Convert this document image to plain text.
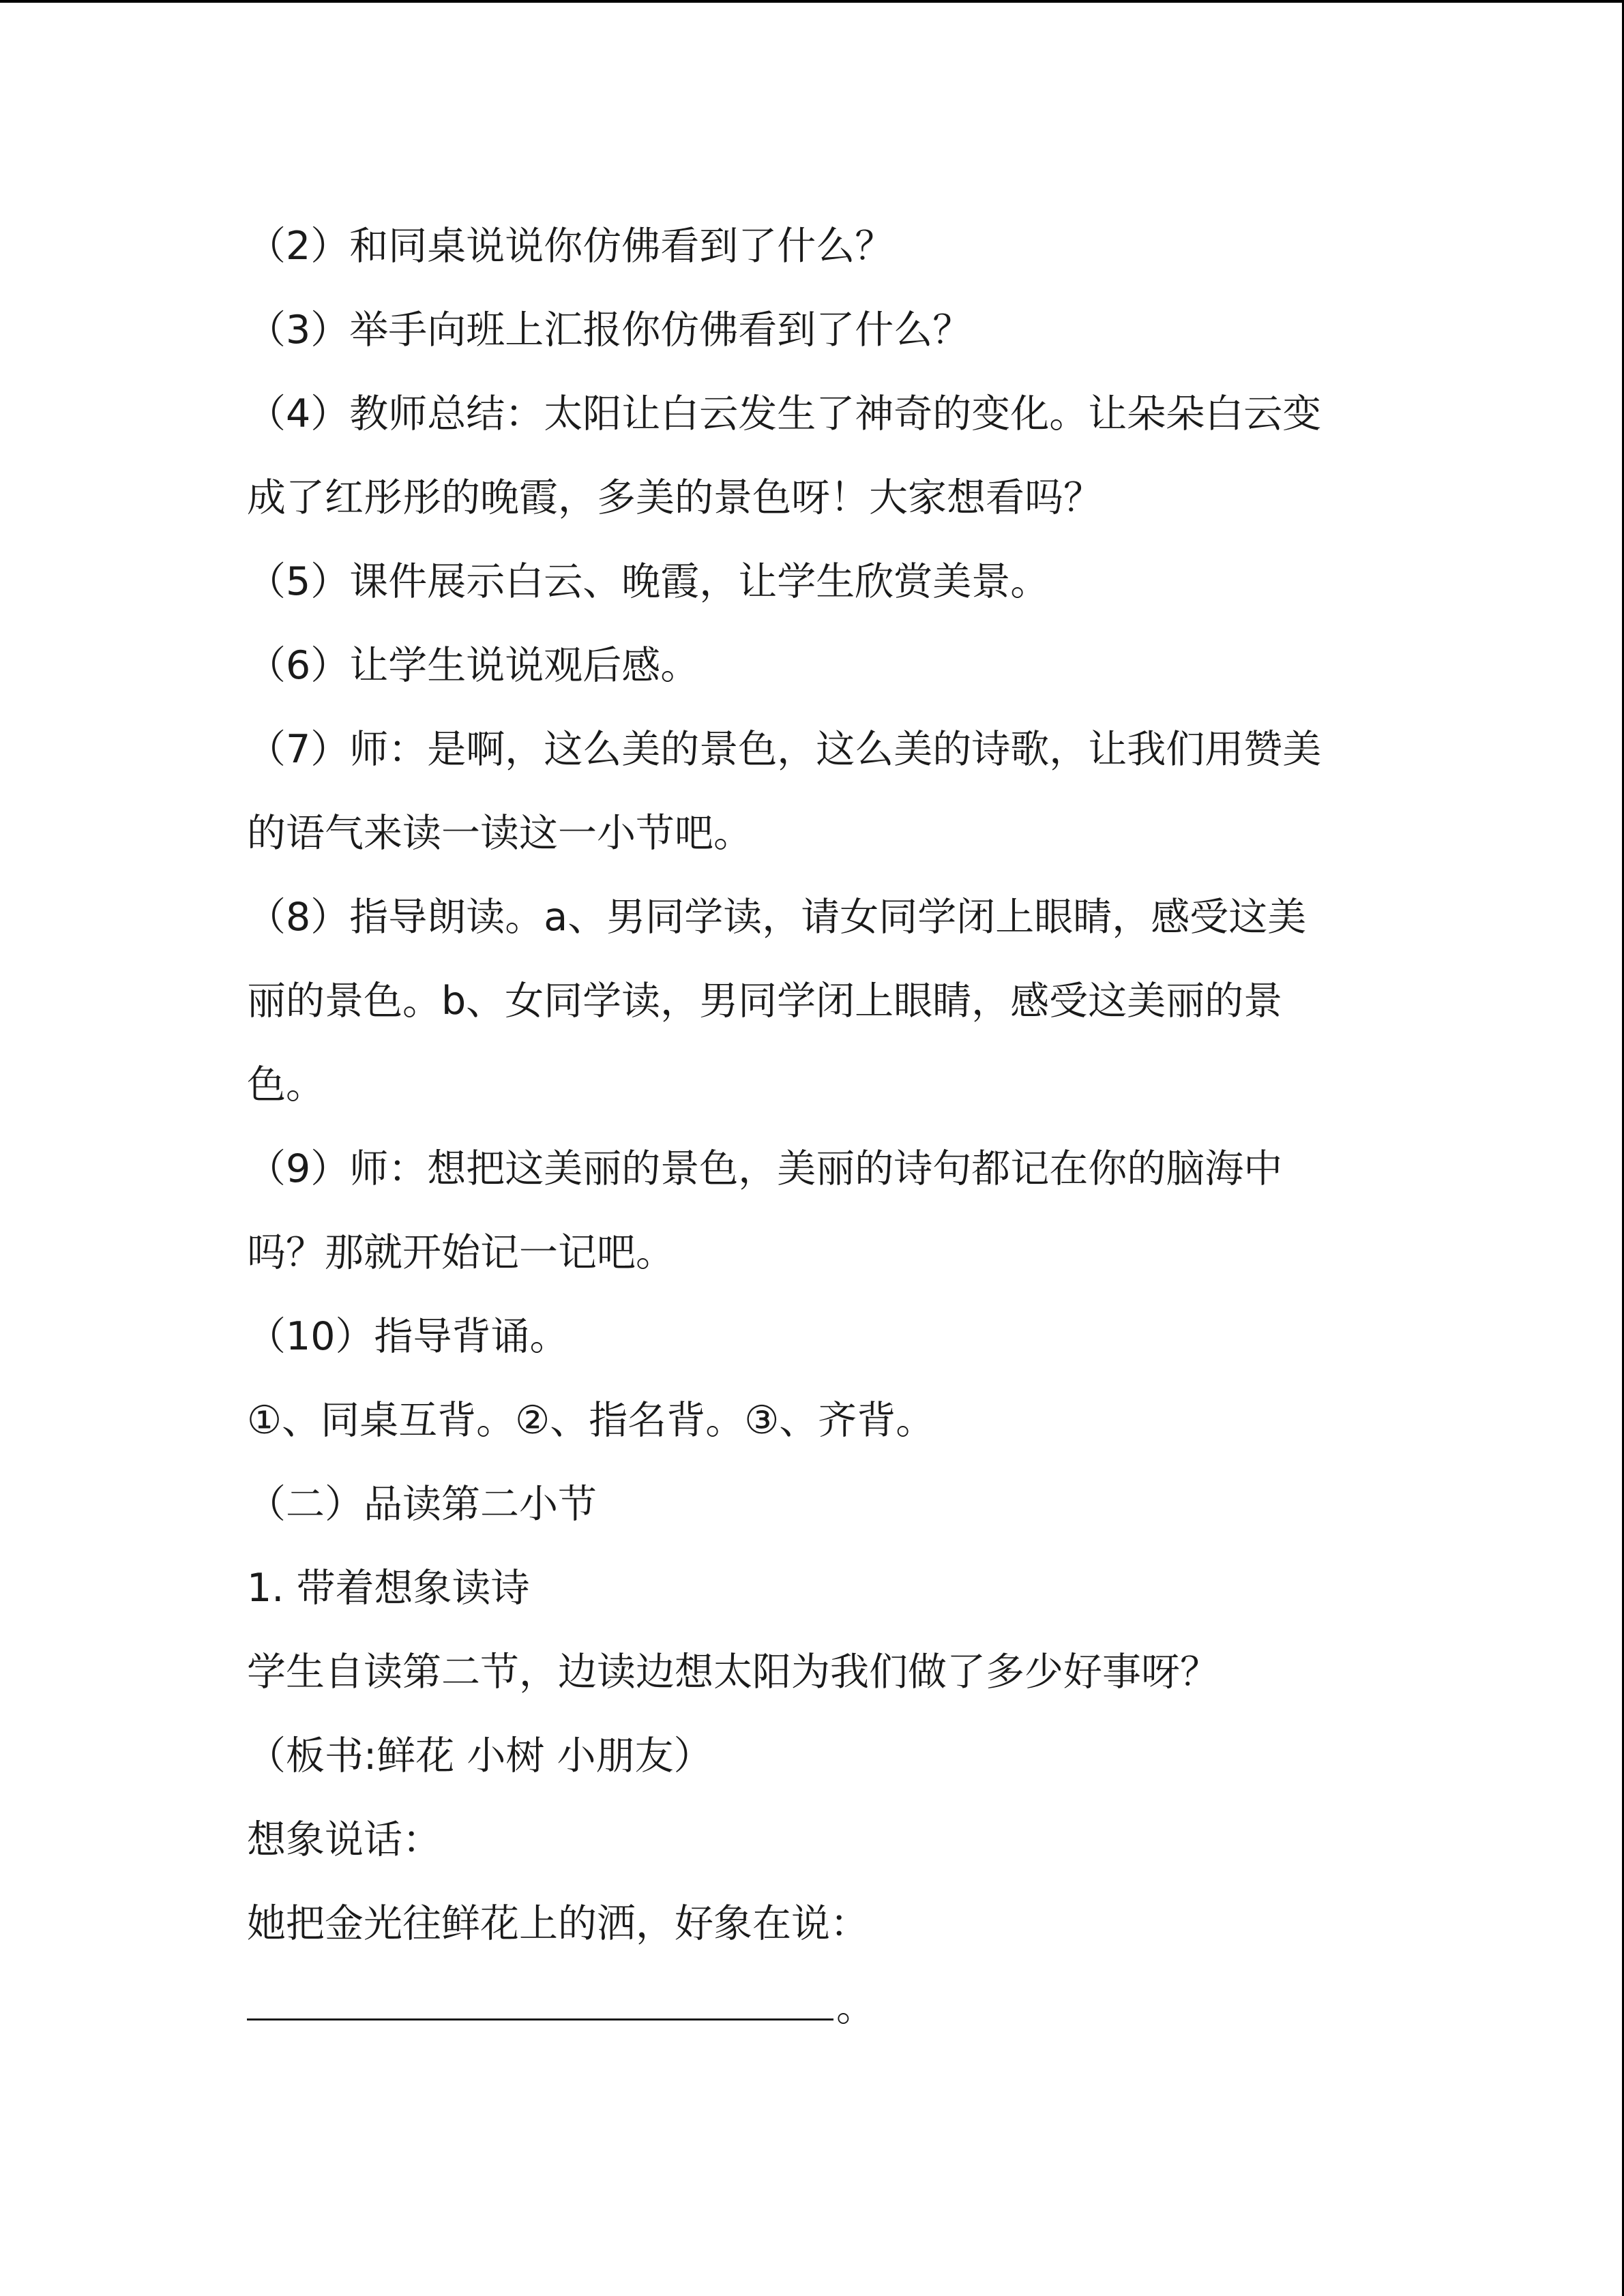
（2）和同桌说说你仿佛看到了什么？

（3）举手向班上汇报你仿佛看到了什么？

（4）教师总结：太阳让白云发生了神奇的变化。让朵朵白云变

成了红彤彤的晚霞，多美的景色呀！大家想看吗？

（5）课件展示白云、晚霞，让学生欣赏美景。

（6）让学生说说观后感。

（7）师：是啊，这么美的景色，这么美的诗歌，让我们用赞美

的语气来读一读这一小节吧。

（8）指导朗读。a、男同学读，请女同学闭上眼睛，感受这美

丽的景色。b、女同学读，男同学闭上眼睛，感受这美丽的景

色。

（9）师：想把这美丽的景色，美丽的诗句都记在你的脑海中

吗？那就开始记一记吧。

（10）指导背诵。

①、同桌互背。②、指名背。③、齐背。

（二）品读第二小节

1. 带着想象读诗

学生自读第二节，边读边想太阳为我们做了多少好事呀？

（板书:鲜花 小树 小朋友）

想象说话：

她把金光往鲜花上的洒，好象在说：

。
